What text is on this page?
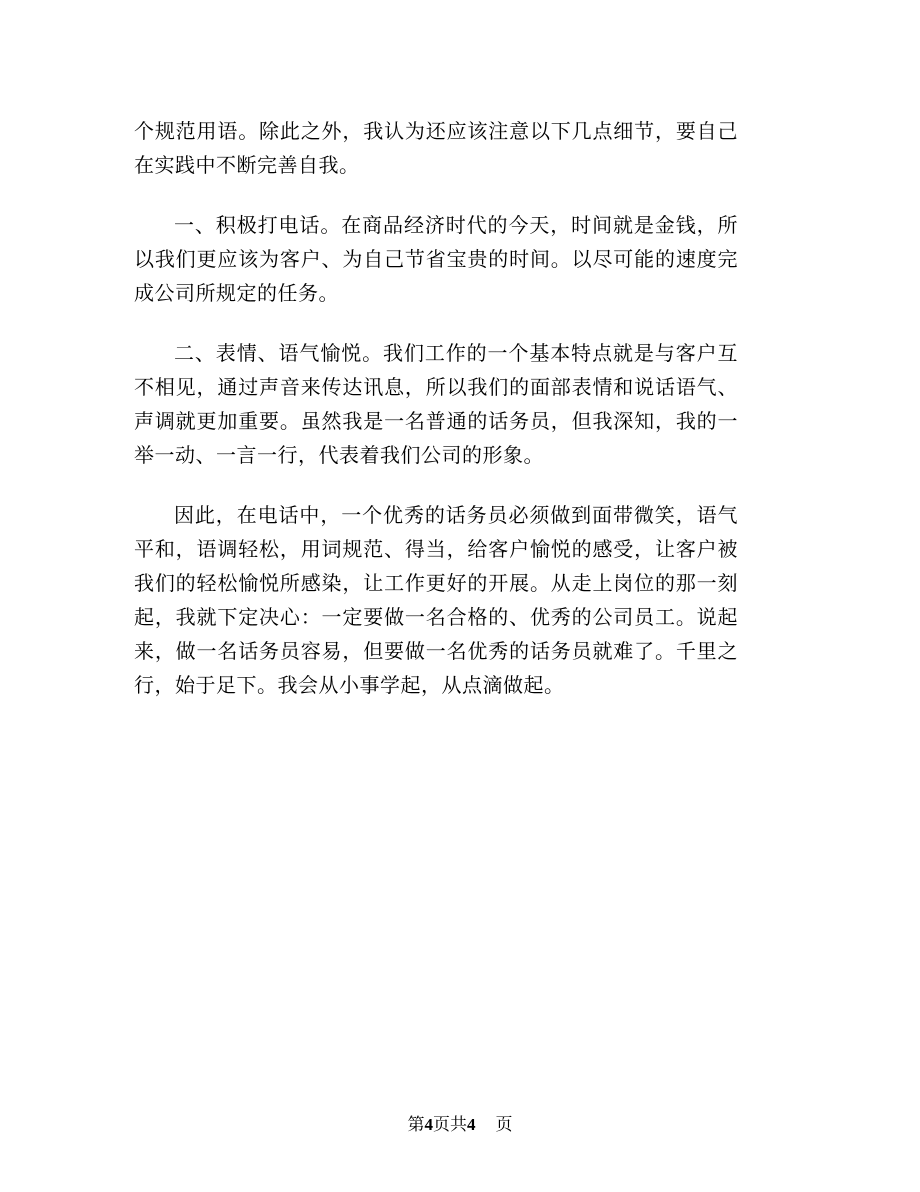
个规范用语。除此之外，我认为还应该注意以下几点细节，要自己在实践中不断完善自我。

一、积极打电话。在商品经济时代的今天，时间就是金钱，所以我们更应该为客户、为自己节省宝贵的时间。以尽可能的速度完成公司所规定的任务。

二、表情、语气愉悦。我们工作的一个基本特点就是与客户互不相见，通过声音来传达讯息，所以我们的面部表情和说话语气、声调就更加重要。虽然我是一名普通的话务员，但我深知，我的一举一动、一言一行，代表着我们公司的形象。

因此，在电话中，一个优秀的话务员必须做到面带微笑，语气平和，语调轻松，用词规范、得当，给客户愉悦的感受，让客户被我们的轻松愉悦所感染，让工作更好的开展。从走上岗位的那一刻起，我就下定决心：一定要做一名合格的、优秀的公司员工。说起来，做一名话务员容易，但要做一名优秀的话务员就难了。千里之行，始于足下。我会从小事学起，从点滴做起。

第4页共4 页
